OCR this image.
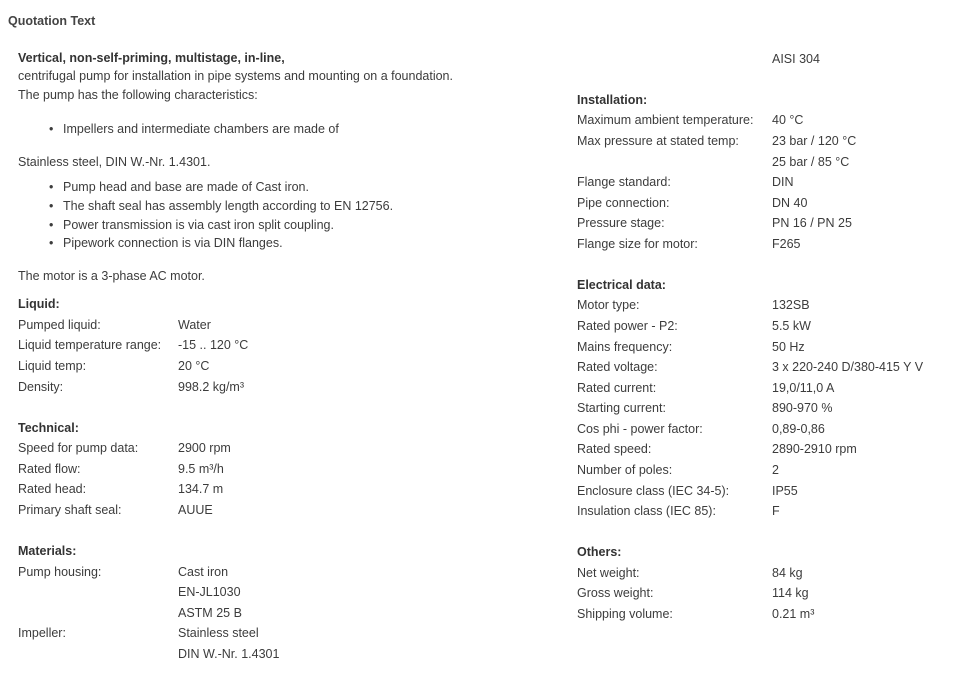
Quotation Text
Vertical, non-self-priming, multistage, in-line,
centrifugal pump for installation in pipe systems and mounting on a foundation.
The pump has the following characteristics:
• Impellers and intermediate chambers are made of
Stainless steel, DIN W.-Nr. 1.4301.
• Pump head and base are made of Cast iron.
• The shaft seal has assembly length according to EN 12756.
• Power transmission is via cast iron split coupling.
• Pipework connection is via DIN flanges.
The motor is a 3-phase AC motor.
Liquid:
Pumped liquid:	Water
Liquid temperature range: -15 .. 120 °C
Liquid temp:	20 °C
Density:	998.2 kg/m³
Technical:
Speed for pump data:	2900 rpm
Rated flow:	9.5 m³/h
Rated head:	134.7 m
Primary shaft seal:	AUUE
Materials:
Pump housing:	Cast iron
EN-JL1030
ASTM 25 B
Impeller:	Stainless steel
DIN W.-Nr. 1.4301
AISI 304
Installation:
Maximum ambient temperature: 40 °C
Max pressure at stated temp:	23 bar / 120 °C
25 bar / 85 °C
Flange standard:	DIN
Pipe connection:	DN 40
Pressure stage:	PN 16 / PN 25
Flange size for motor:	F265
Electrical data:
Motor type:	132SB
Rated power - P2:	5.5 kW
Mains frequency:	50 Hz
Rated voltage:	3 x 220-240 D/380-415 Y V
Rated current:	19,0/11,0 A
Starting current:	890-970 %
Cos phi - power factor:	0,89-0,86
Rated speed:	2890-2910 rpm
Number of poles:	2
Enclosure class (IEC 34-5):	IP55
Insulation class (IEC 85):	F
Others:
Net weight:	84 kg
Gross weight:	114 kg
Shipping volume:	0.21 m³
